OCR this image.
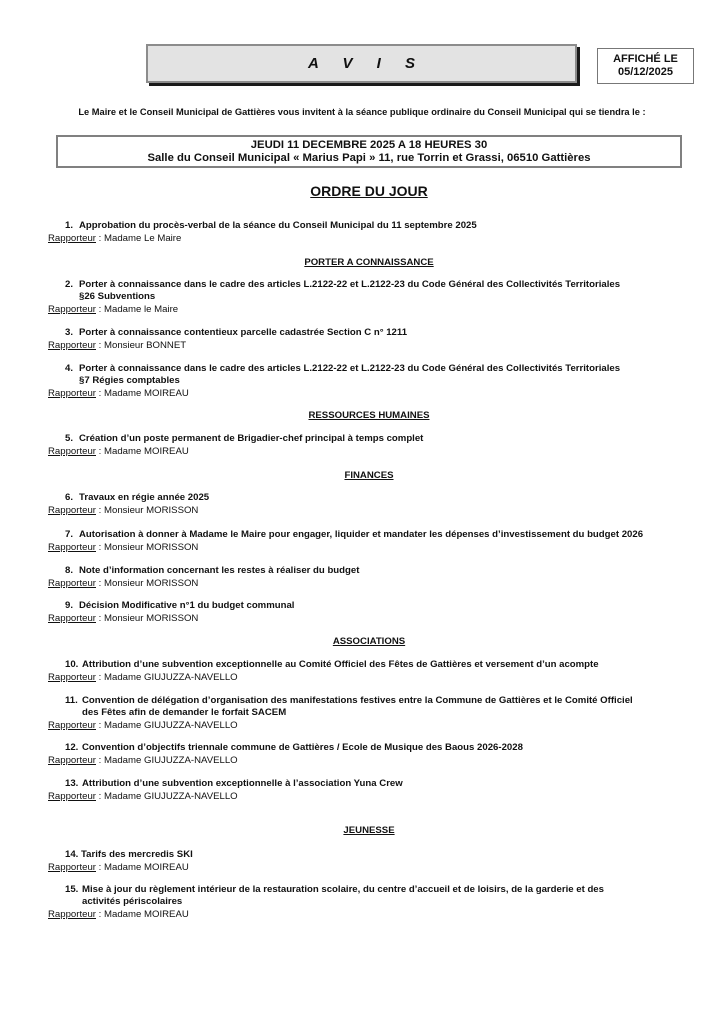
A V I S	AFFICHÉ LE
05/12/2025
Le Maire et le Conseil Municipal de Gattières vous invitent à la séance publique ordinaire du Conseil Municipal qui se tiendra le :
JEUDI 11 DECEMBRE 2025 A 18 HEURES 30
Salle du Conseil Municipal « Marius Papi » 11, rue Torrin et Grassi, 06510 Gattières
ORDRE DU JOUR
1. Approbation du procès-verbal de la séance du Conseil Municipal du 11 septembre 2025
Rapporteur : Madame Le Maire
PORTER A CONNAISSANCE
2. Porter à connaissance dans le cadre des articles L.2122-22 et L.2122-23 du Code Général des Collectivités Territoriales
§26 Subventions
Rapporteur : Madame le Maire
3. Porter à connaissance contentieux parcelle cadastrée Section C n° 1211
Rapporteur : Monsieur BONNET
4. Porter à connaissance dans le cadre des articles L.2122-22 et L.2122-23 du Code Général des Collectivités Territoriales
§7 Régies comptables
Rapporteur : Madame MOIREAU
RESSOURCES HUMAINES
5. Création d’un poste permanent de Brigadier-chef principal à temps complet
Rapporteur : Madame MOIREAU
FINANCES
6. Travaux en régie année 2025
Rapporteur : Monsieur MORISSON
7. Autorisation à donner à Madame le Maire pour engager, liquider et mandater les dépenses d’investissement du budget 2026
Rapporteur : Monsieur MORISSON
8. Note d’information concernant les restes à réaliser du budget
Rapporteur : Monsieur MORISSON
9. Décision Modificative n°1 du budget communal
Rapporteur : Monsieur MORISSON
ASSOCIATIONS
10. Attribution d’une subvention exceptionnelle au Comité Officiel des Fêtes de Gattières et versement d’un acompte
Rapporteur : Madame GIUJUZZA-NAVELLO
11. Convention de délégation d’organisation des manifestations festives entre la Commune de Gattières et le Comité Officiel
des Fêtes afin de demander le forfait SACEM
Rapporteur : Madame GIUJUZZA-NAVELLO
12. Convention d’objectifs triennale commune de Gattières / Ecole de Musique des Baous 2026-2028
Rapporteur : Madame GIUJUZZA-NAVELLO
13. Attribution d’une subvention exceptionnelle à l’association Yuna Crew
Rapporteur : Madame GIUJUZZA-NAVELLO
JEUNESSE
14. Tarifs des mercredis SKI
Rapporteur : Madame MOIREAU
15. Mise à jour du règlement intérieur de la restauration scolaire, du centre d’accueil et de loisirs, de la garderie et des
activités périscolaires
Rapporteur : Madame MOIREAU
